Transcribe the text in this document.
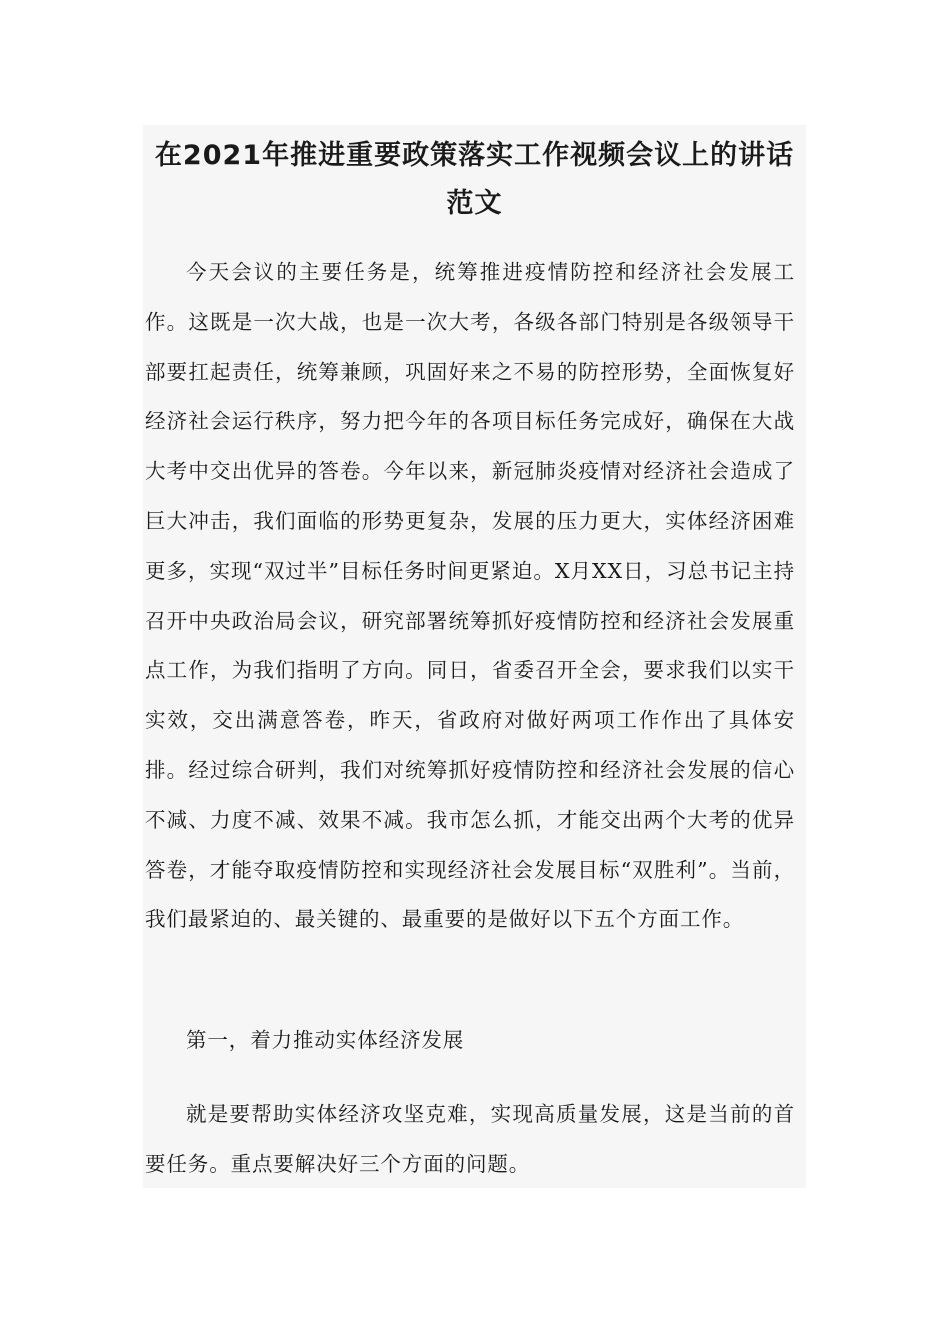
在2021年推进重要政策落实工作视频会议上的讲话范文

今天会议的主要任务是，统筹推进疫情防控和经济社会发展工作。这既是一次大战，也是一次大考，各级各部门特别是各级领导干部要扛起责任，统筹兼顾，巩固好来之不易的防控形势，全面恢复好经济社会运行秩序，努力把今年的各项目标任务完成好，确保在大战大考中交出优异的答卷。今年以来，新冠肺炎疫情对经济社会造成了巨大冲击，我们面临的形势更复杂，发展的压力更大，实体经济困难更多，实现“双过半”目标任务时间更紧迫。X月XX日，习总书记主持召开中央政治局会议，研究部署统筹抓好疫情防控和经济社会发展重点工作，为我们指明了方向。同日，省委召开全会，要求我们以实干实效，交出满意答卷，昨天，省政府对做好两项工作作出了具体安排。经过综合研判，我们对统筹抓好疫情防控和经济社会发展的信心不减、力度不减、效果不减。我市怎么抓，才能交出两个大考的优异答卷，才能夺取疫情防控和实现经济社会发展目标“双胜利”。当前，我们最紧迫的、最关键的、最重要的是做好以下五个方面工作。

第一，着力推动实体经济发展

就是要帮助实体经济攻坚克难，实现高质量发展，这是当前的首要任务。重点要解决好三个方面的问题。
